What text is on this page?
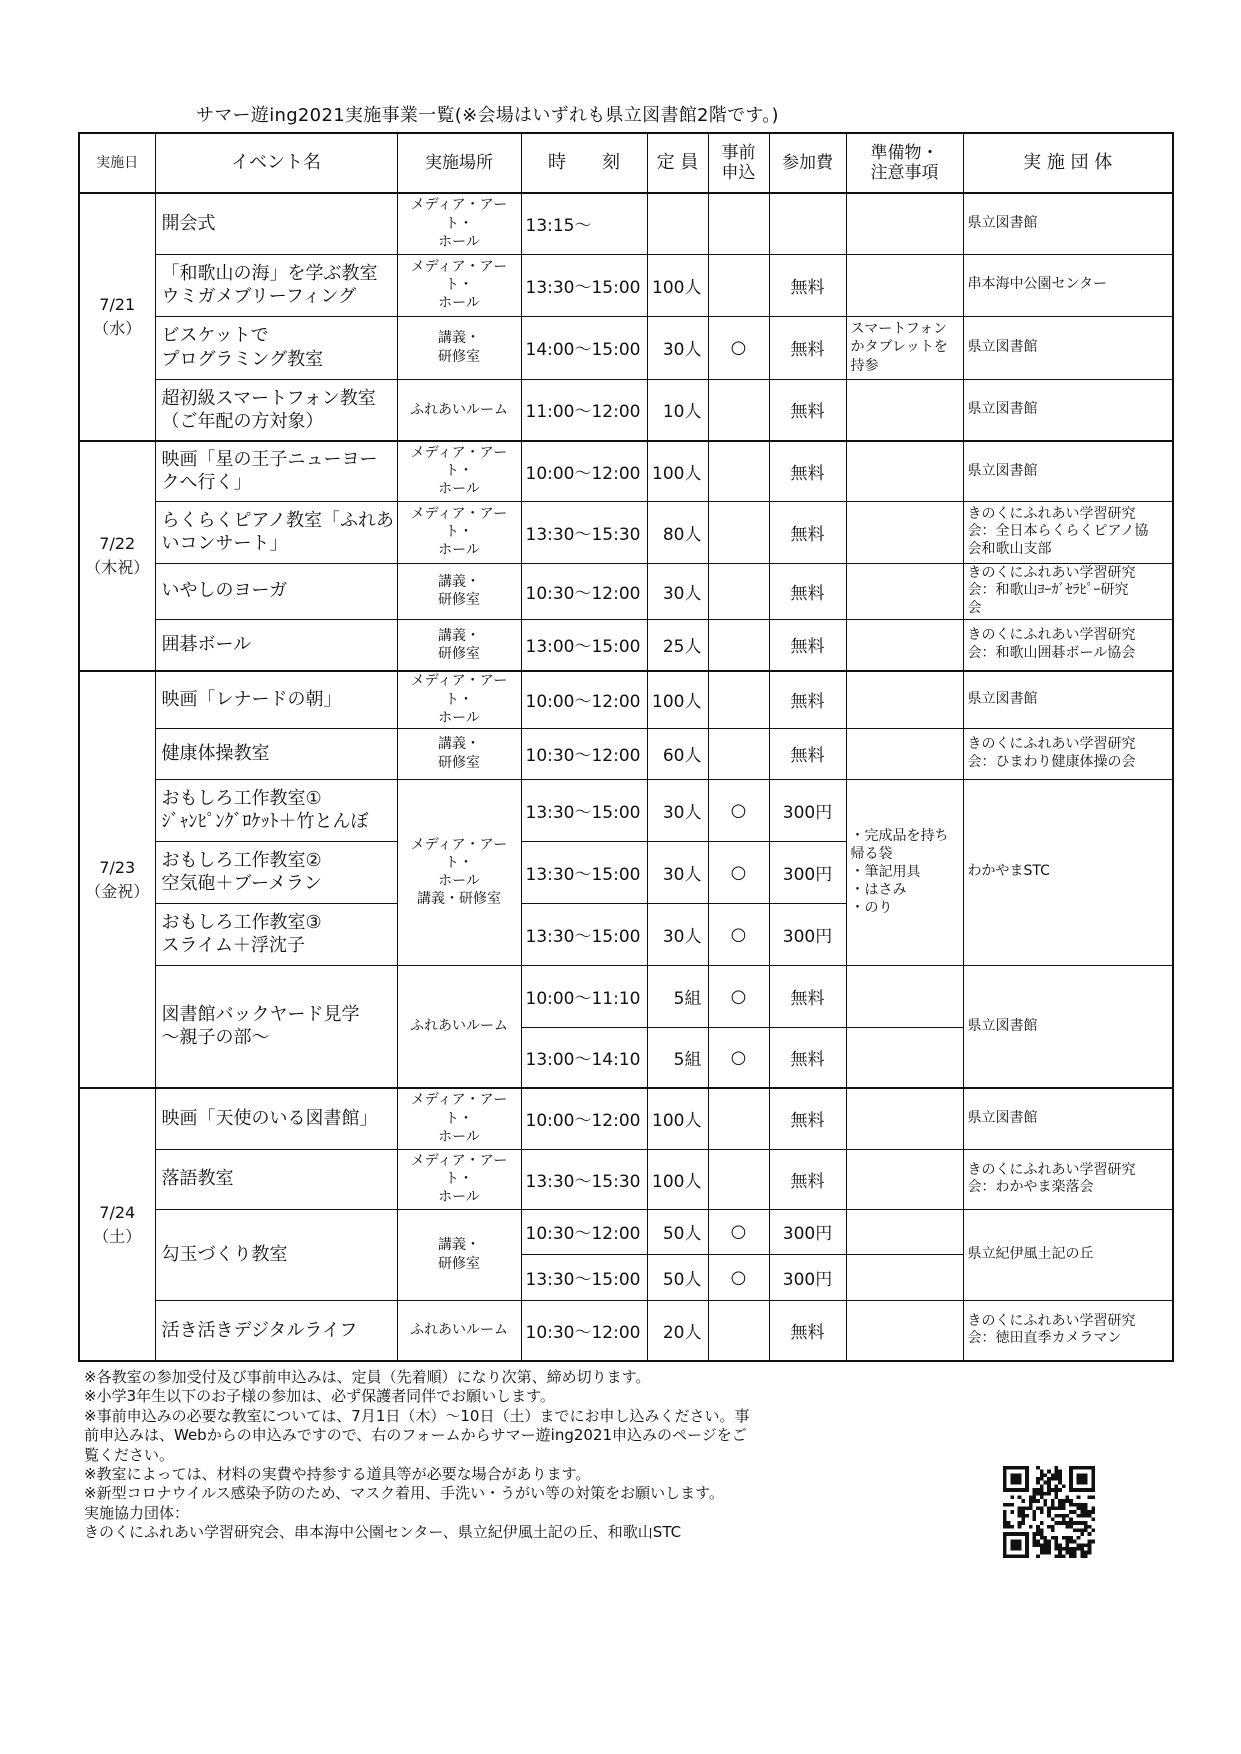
サマー遊ing2021実施事業一覧(※会場はいずれも県立図書館2階です。)
実施日	イベント名	実施場所	時　　刻	定 員	事前
申込	参加費	準備物・
注意事項	実 施 団 体
7/21
（水）	開会式	メディア・アート・
ホール	13:15～					県立図書館
	「和歌山の海」を学ぶ教室
ウミガメブリーフィング	メディア・アート・
ホール	13:30～15:00	100人		無料		串本海中公園センター
	ビスケットで
プログラミング教室	講義・
研修室	14:00～15:00	30人	○	無料	スマートフォン
かタブレットを
持参	県立図書館
	超初級スマートフォン教室
（ご年配の方対象）	ふれあいルーム	11:00～12:00	10人		無料		県立図書館
7/22
（木祝）	映画「星の王子ニューヨー
クへ行く」	メディア・アート・
ホール	10:00～12:00	100人		無料		県立図書館
	らくらくピアノ教室「ふれあ
いコンサート」	メディア・アート・
ホール	13:30～15:30	80人		無料		きのくにふれあい学習研究
会：全日本らくらくピアノ協
会和歌山支部
	いやしのヨーガ	講義・
研修室	10:30～12:00	30人		無料		きのくにふれあい学習研究
会：和歌山ﾖｰｶﾞｾﾗﾋﾟｰ研究
会
	囲碁ボール	講義・
研修室	13:00～15:00	25人		無料		きのくにふれあい学習研究
会：和歌山囲碁ボール協会
7/23
（金祝）	映画「レナードの朝」	メディア・アート・
ホール	10:00～12:00	100人		無料		県立図書館
	健康体操教室	講義・
研修室	10:30～12:00	60人		無料		きのくにふれあい学習研究
会：ひまわり健康体操の会
	おもしろ工作教室①
ｼﾞｬﾝﾋﾟﾝｸﾞﾛｹｯﾄ＋竹とんぼ	メディア・アート・
ホール
講義・研修室	13:30～15:00	30人	○	300円	・完成品を持ち
帰る袋
・筆記用具
・はさみ
・のり	わかやまSTC
	おもしろ工作教室②
空気砲＋ブーメラン		13:30～15:00	30人	○	300円		
	おもしろ工作教室③
スライム＋浮沈子		13:30～15:00	30人	○	300円		
	図書館バックヤード見学
～親子の部～	ふれあいルーム	10:00～11:10	5組	○	無料		県立図書館
			13:00～14:10	5組	○	無料		
7/24
（土）	映画「天使のいる図書館」	メディア・アート・
ホール	10:00～12:00	100人		無料		県立図書館
	落語教室	メディア・アート・
ホール	13:30～15:30	100人		無料		きのくにふれあい学習研究
会：わかやま楽落会
	勾玉づくり教室	講義・
研修室	10:30～12:00	50人	○	300円		県立紀伊風土記の丘
			13:30～15:00	50人	○	300円		
	活き活きデジタルライフ	ふれあいルーム	10:30～12:00	20人		無料		きのくにふれあい学習研究
会：徳田直季カメラマン
※各教室の参加受付及び事前申込みは、定員（先着順）になり次第、締め切ります。
※小学3年生以下のお子様の参加は、必ず保護者同伴でお願いします。
※事前申込みの必要な教室については、7月1日（木）～10日（土）までにお申し込みください。事
前申込みは、Webからの申込みですので、右のフォームからサマー遊ing2021申込みのページをご
覧ください。
※教室によっては、材料の実費や持参する道具等が必要な場合があります。
※新型コロナウイルス感染予防のため、マスク着用、手洗い・うがい等の対策をお願いします。
実施協力団体：
きのくにふれあい学習研究会、串本海中公園センター、県立紀伊風土記の丘、和歌山STC
